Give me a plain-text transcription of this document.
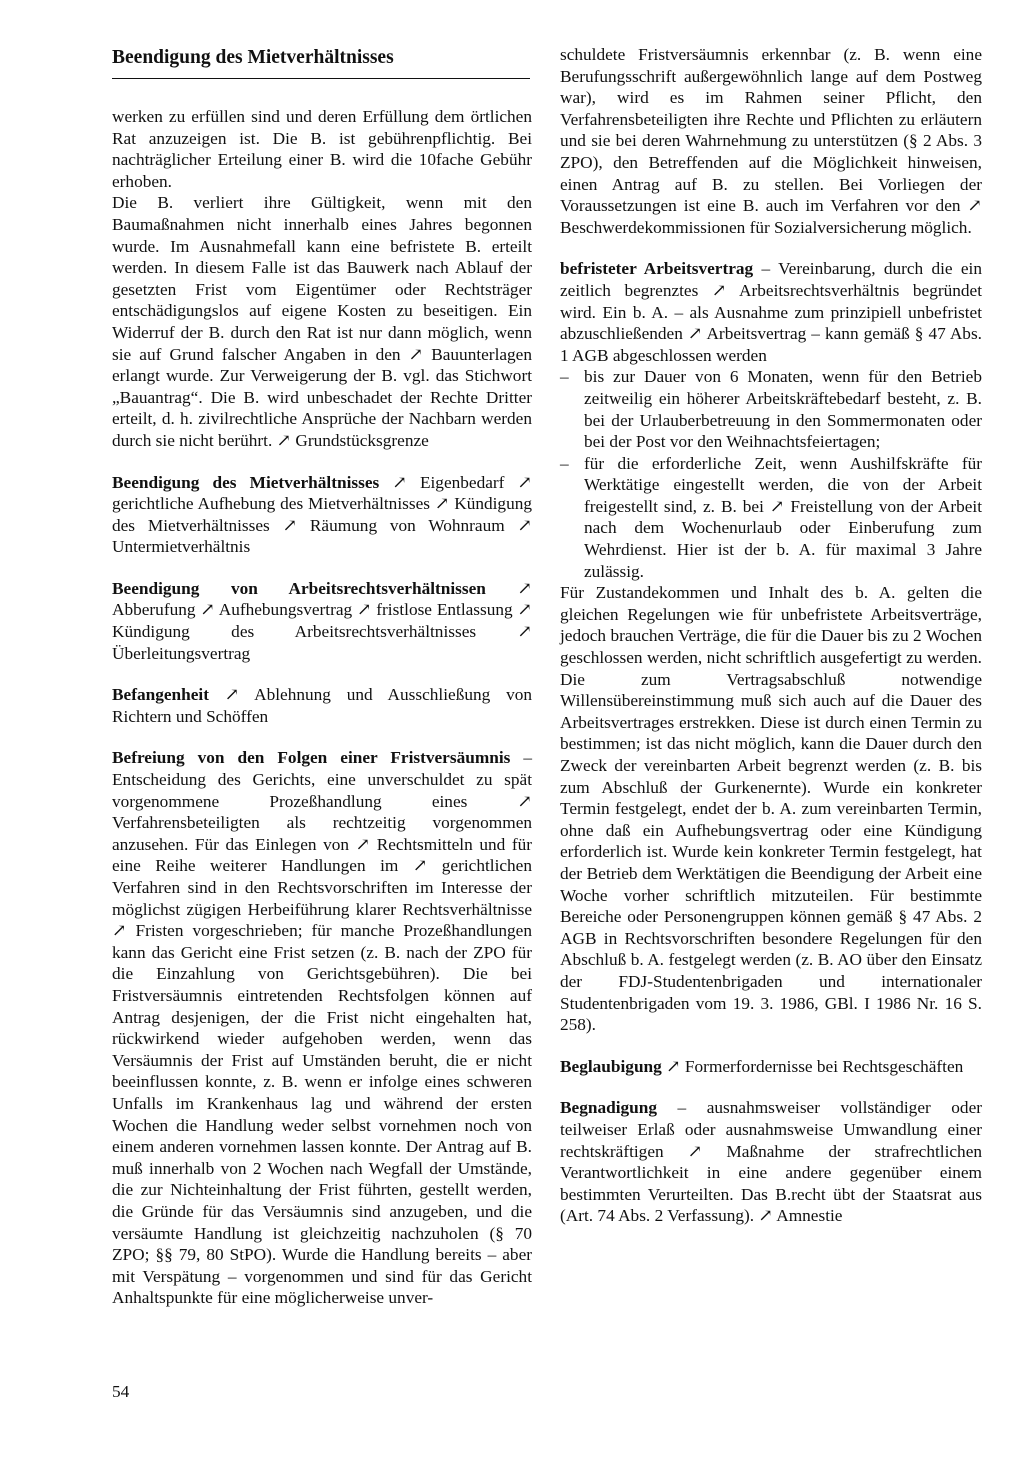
Beendigung des Mietverhältnisses

werken zu erfüllen sind und deren Erfüllung dem örtlichen Rat anzuzeigen ist. Die B. ist gebührenpflichtig. Bei nachträglicher Erteilung einer B. wird die 10fache Gebühr erhoben.

Die B. verliert ihre Gültigkeit, wenn mit den Baumaßnahmen nicht innerhalb eines Jahres begonnen wurde. Im Ausnahmefall kann eine befristete B. erteilt werden. In diesem Falle ist das Bauwerk nach Ablauf der gesetzten Frist vom Eigentümer oder Rechtsträger entschädigungslos auf eigene Kosten zu beseitigen. Ein Widerruf der B. durch den Rat ist nur dann möglich, wenn sie auf Grund falscher Angaben in den ↗ Bauunterlagen erlangt wurde. Zur Verweigerung der B. vgl. das Stichwort „Bauantrag“. Die B. wird unbeschadet der Rechte Dritter erteilt, d. h. zivilrechtliche Ansprüche der Nachbarn werden durch sie nicht berührt. ↗ Grundstücksgrenze

Beendigung des Mietverhältnisses ↗ Eigenbedarf ↗ gerichtliche Aufhebung des Mietverhältnisses ↗ Kündigung des Mietverhältnisses ↗ Räumung von Wohnraum ↗ Untermietverhältnis

Beendigung von Arbeitsrechtsverhältnissen ↗ Abberufung ↗ Aufhebungsvertrag ↗ fristlose Entlassung ↗ Kündigung des Arbeitsrechtsverhältnisses ↗ Überleitungsvertrag

Befangenheit ↗ Ablehnung und Ausschließung von Richtern und Schöffen

Befreiung von den Folgen einer Fristversäumnis – Entscheidung des Gerichts, eine unverschuldet zu spät vorgenommene Prozeßhandlung eines ↗ Verfahrensbeteiligten als rechtzeitig vorgenommen anzusehen. Für das Einlegen von ↗ Rechtsmitteln und für eine Reihe weiterer Handlungen im ↗ gerichtlichen Verfahren sind in den Rechtsvorschriften im Interesse der möglichst zügigen Herbeiführung klarer Rechtsverhältnisse ↗ Fristen vorgeschrieben; für manche Prozeßhandlungen kann das Gericht eine Frist setzen (z. B. nach der ZPO für die Einzahlung von Gerichtsgebühren). Die bei Fristversäumnis eintretenden Rechtsfolgen können auf Antrag desjenigen, der die Frist nicht eingehalten hat, rückwirkend wieder aufgehoben werden, wenn das Versäumnis der Frist auf Umständen beruht, die er nicht beeinflussen konnte, z. B. wenn er infolge eines schweren Unfalls im Krankenhaus lag und während der ersten Wochen die Handlung weder selbst vornehmen noch von einem anderen vornehmen lassen konnte. Der Antrag auf B. muß innerhalb von 2 Wochen nach Wegfall der Umstände, die zur Nichteinhaltung der Frist führten, gestellt werden, die Gründe für das Versäumnis sind anzugeben, und die versäumte Handlung ist gleichzeitig nachzuholen (§ 70 ZPO; §§ 79, 80 StPO). Wurde die Handlung bereits – aber mit Verspätung – vorgenommen und sind für das Gericht Anhaltspunkte für eine möglicherweise unver-

schuldete Fristversäumnis erkennbar (z. B. wenn eine Berufungsschrift außergewöhnlich lange auf dem Postweg war), wird es im Rahmen seiner Pflicht, den Verfahrensbeteiligten ihre Rechte und Pflichten zu erläutern und sie bei deren Wahrnehmung zu unterstützen (§ 2 Abs. 3 ZPO), den Betreffenden auf die Möglichkeit hinweisen, einen Antrag auf B. zu stellen. Bei Vorliegen der Voraussetzungen ist eine B. auch im Verfahren vor den ↗ Beschwerdekommissionen für Sozialversicherung möglich.

befristeter Arbeitsvertrag – Vereinbarung, durch die ein zeitlich begrenztes ↗ Arbeitsrechtsverhältnis begründet wird. Ein b. A. – als Ausnahme zum prinzipiell unbefristet abzuschließenden ↗ Arbeitsvertrag – kann gemäß § 47 Abs. 1 AGB abgeschlossen werden

– bis zur Dauer von 6 Monaten, wenn für den Betrieb zeitweilig ein höherer Arbeitskräftebedarf besteht, z. B. bei der Urlauberbetreuung in den Sommermonaten oder bei der Post vor den Weihnachtsfeiertagen;
– für die erforderliche Zeit, wenn Aushilfskräfte für Werktätige eingestellt werden, die von der Arbeit freigestellt sind, z. B. bei ↗ Freistellung von der Arbeit nach dem Wochenurlaub oder Einberufung zum Wehrdienst. Hier ist der b. A. für maximal 3 Jahre zulässig.

Für Zustandekommen und Inhalt des b. A. gelten die gleichen Regelungen wie für unbefristete Arbeitsverträge, jedoch brauchen Verträge, die für die Dauer bis zu 2 Wochen geschlossen werden, nicht schriftlich ausgefertigt zu werden. Die zum Vertragsabschluß notwendige Willensübereinstimmung muß sich auch auf die Dauer des Arbeitsvertrages erstrekken. Diese ist durch einen Termin zu bestimmen; ist das nicht möglich, kann die Dauer durch den Zweck der vereinbarten Arbeit begrenzt werden (z. B. bis zum Abschluß der Gurkenernte). Wurde ein konkreter Termin festgelegt, endet der b. A. zum vereinbarten Termin, ohne daß ein Aufhebungsvertrag oder eine Kündigung erforderlich ist. Wurde kein konkreter Termin festgelegt, hat der Betrieb dem Werktätigen die Beendigung der Arbeit eine Woche vorher schriftlich mitzuteilen. Für bestimmte Bereiche oder Personengruppen können gemäß § 47 Abs. 2 AGB in Rechtsvorschriften besondere Regelungen für den Abschluß b. A. festgelegt werden (z. B. AO über den Einsatz der FDJ-Studentenbrigaden und internationaler Studentenbrigaden vom 19. 3. 1986, GBl. I 1986 Nr. 16 S. 258).

Beglaubigung ↗ Formerfordernisse bei Rechtsgeschäften

Begnadigung – ausnahmsweiser vollständiger oder teilweiser Erlaß oder ausnahmsweise Umwandlung einer rechtskräftigen ↗ Maßnahme der strafrechtlichen Verantwortlichkeit in eine andere gegenüber einem bestimmten Verurteilten. Das B.recht übt der Staatsrat aus (Art. 74 Abs. 2 Verfassung). ↗ Amnestie

54
